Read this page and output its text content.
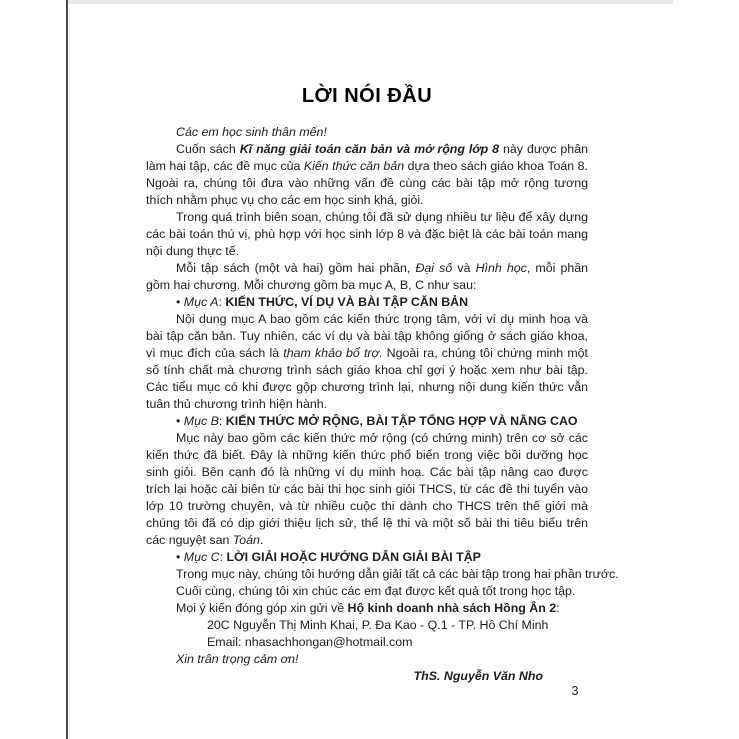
LỜI NÓI ĐẦU

Các em học sinh thân mến!

Cuốn sách Kĩ năng giải toán căn bản và mở rộng lớp 8 này được phân làm hai tập, các đề mục của Kiến thức căn bản dựa theo sách giáo khoa Toán 8. Ngoài ra, chúng tôi đưa vào những vấn đề cùng các bài tập mở rộng tương thích nhằm phục vụ cho các em học sinh khá, giỏi.

Trong quá trình biên soạn, chúng tôi đã sử dụng nhiều tư liệu để xây dựng các bài toán thú vị, phù hợp với học sinh lớp 8 và đặc biệt là các bài toán mang nội dung thực tế.

Mỗi tập sách (một và hai) gồm hai phần, Đại số và Hình học, mỗi phần gồm hai chương. Mỗi chương gồm ba mục A, B, C như sau:

• Mục A: KIẾN THỨC, VÍ DỤ VÀ BÀI TẬP CĂN BẢN

Nội dung mục A bao gồm các kiến thức trọng tâm, với ví dụ minh hoạ và bài tập căn bản. Tuy nhiên, các ví dụ và bài tập không giống ở sách giáo khoa, vì mục đích của sách là tham khảo bổ trợ. Ngoài ra, chúng tôi chứng minh một số tính chất mà chương trình sách giáo khoa chỉ gợi ý hoặc xem như bài tập. Các tiểu mục có khi được gộp chương trình lại, nhưng nội dung kiến thức vẫn tuân thủ chương trình hiện hành.

• Mục B: KIẾN THỨC MỞ RỘNG, BÀI TẬP TỔNG HỢP VÀ NÂNG CAO

Mục này bao gồm các kiến thức mở rộng (có chứng minh) trên cơ sở các kiến thức đã biết. Đây là những kiến thức phổ biến trong việc bồi dưỡng học sinh giỏi. Bên cạnh đó là những ví dụ minh hoạ. Các bài tập nâng cao được trích lại hoặc cải biên từ các bài thi học sinh giỏi THCS, từ các đề thi tuyển vào lớp 10 trường chuyên, và từ nhiều cuộc thi dành cho THCS trên thế giới mà chúng tôi đã có dịp giới thiệu lịch sử, thể lệ thi và một số bài thi tiêu biểu trên các nguyệt san Toán.

• Mục C: LỜI GIẢI HOẶC HƯỚNG DẪN GIẢI BÀI TẬP

Trong mục này, chúng tôi hướng dẫn giải tất cả các bài tập trong hai phần trước.

Cuối cùng, chúng tôi xin chúc các em đạt được kết quả tốt trong học tập.

Mọi ý kiến đóng góp xin gửi về Hộ kinh doanh nhà sách Hồng Ân 2:

20C Nguyễn Thị Minh Khai, P. Đa Kao - Q.1 - TP. Hồ Chí Minh

Email: nhasachhongan@hotmail.com

Xin trân trọng cảm ơn!

ThS. Nguyễn Văn Nho

3
